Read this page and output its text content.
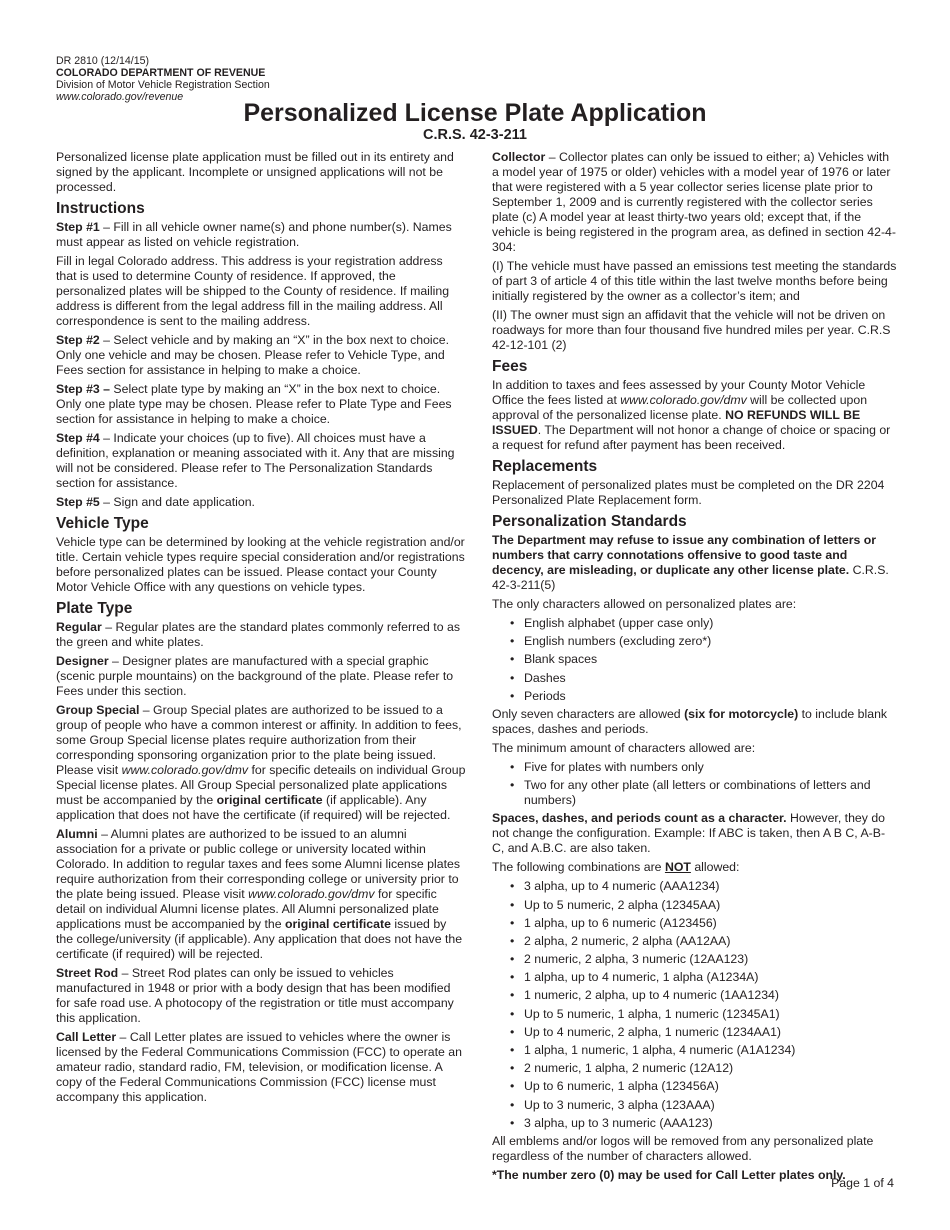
DR 2810 (12/14/15)
COLORADO DEPARTMENT OF REVENUE
Division of Motor Vehicle Registration Section
www.colorado.gov/revenue
Personalized License Plate Application
C.R.S. 42-3-211

Personalized license plate application must be filled out in its entirety and signed by the applicant. Incomplete or unsigned applications will not be processed.

Instructions

Step #1 – Fill in all vehicle owner name(s) and phone number(s). Names must appear as listed on vehicle registration.

Fill in legal Colorado address. This address is your registration address that is used to determine County of residence. If approved, the personalized plates will be shipped to the County of residence. If mailing address is different from the legal address fill in the mailing address. All correspondence is sent to the mailing address.

Step #2 – Select vehicle and by making an “X” in the box next to choice. Only one vehicle and may be chosen. Please refer to Vehicle Type, and Fees section for assistance in helping to make a choice.

Step #3 – Select plate type by making an “X” in the box next to choice. Only one plate type may be chosen. Please refer to Plate Type and Fees section for assistance in helping to make a choice.

Step #4 – Indicate your choices (up to five). All choices must have a definition, explanation or meaning associated with it. Any that are missing will not be considered. Please refer to The Personalization Standards section for assistance.

Step #5 – Sign and date application.

Vehicle Type

Vehicle type can be determined by looking at the vehicle registration and/or title. Certain vehicle types require special consideration and/or registrations before personalized plates can be issued. Please contact your County Motor Vehicle Office with any questions on vehicle types.

Plate Type

Regular – Regular plates are the standard plates commonly referred to as the green and white plates.

Designer – Designer plates are manufactured with a special graphic (scenic purple mountains) on the background of the plate. Please refer to Fees under this section.

Group Special – Group Special plates are authorized to be issued to a group of people who have a common interest or affinity. In addition to fees, some Group Special license plates require authorization from their corresponding sponsoring organization prior to the plate being issued. Please visit www.colorado.gov/dmv for specific deteails on individual Group Special license plates. All Group Special personalized plate applications must be accompanied by the original certificate (if applicable). Any application that does not have the certificate (if required) will be rejected.

Alumni – Alumni plates are authorized to be issued to an alumni association for a private or public college or university located within Colorado. In addition to regular taxes and fees some Alumni license plates require authorization from their corresponding college or university prior to the plate being issued. Please visit www.colorado.gov/dmv for specific detail on individual Alumni license plates. All Alumni personalized plate applications must be accompanied by the original certificate issued by the college/university (if applicable). Any application that does not have the certificate (if required) will be rejected.

Street Rod – Street Rod plates can only be issued to vehicles manufactured in 1948 or prior with a body design that has been modified for safe road use. A photocopy of the registration or title must accompany this application.

Call Letter – Call Letter plates are issued to vehicles where the owner is licensed by the Federal Communications Commission (FCC) to operate an amateur radio, standard radio, FM, television, or modification license. A copy of the Federal Communications Commission (FCC) license must accompany this application.

Collector – Collector plates can only be issued to either; a) Vehicles with a model year of 1975 or older) vehicles with a model year of 1976 or later that were registered with a 5 year collector series license plate prior to September 1, 2009 and is currently registered with the collector series plate (c) A model year at least thirty-two years old; except that, if the vehicle is being registered in the program area, as defined in section 42-4-304:

(I) The vehicle must have passed an emissions test meeting the standards of part 3 of article 4 of this title within the last twelve months before being initially registered by the owner as a collector’s item; and

(II) The owner must sign an affidavit that the vehicle will not be driven on roadways for more than four thousand five hundred miles per year. C.R.S 42-12-101 (2)

Fees

In addition to taxes and fees assessed by your County Motor Vehicle Office the fees listed at www.colorado.gov/dmv will be collected upon approval of the personalized license plate. NO REFUNDS WILL BE ISSUED. The Department will not honor a change of choice or spacing or a request for refund after payment has been received.

Replacements

Replacement of personalized plates must be completed on the DR 2204 Personalized Plate Replacement form.

Personalization Standards

The Department may refuse to issue any combination of letters or numbers that carry connotations offensive to good taste and decency, are misleading, or duplicate any other license plate. C.R.S. 42-3-211(5)

The only characters allowed on personalized plates are:

• English alphabet (upper case only)
• English numbers (excluding zero*)
• Blank spaces
• Dashes
• Periods

Only seven characters are allowed (six for motorcycle) to include blank spaces, dashes and periods.

The minimum amount of characters allowed are:

• Five for plates with numbers only
• Two for any other plate (all letters or combinations of letters and numbers)

Spaces, dashes, and periods count as a character. However, they do not change the configuration. Example: If ABC is taken, then A B C, A-B-C, and A.B.C. are also taken.

The following combinations are NOT allowed:

• 3 alpha, up to 4 numeric (AAA1234)
• Up to 5 numeric, 2 alpha (12345AA)
• 1 alpha, up to 6 numeric (A123456)
• 2 alpha, 2 numeric, 2 alpha (AA12AA)
• 2 numeric, 2 alpha, 3 numeric (12AA123)
• 1 alpha, up to 4 numeric, 1 alpha (A1234A)
• 1 numeric, 2 alpha, up to 4 numeric (1AA1234)
• Up to 5 numeric, 1 alpha, 1 numeric (12345A1)
• Up to 4 numeric, 2 alpha, 1 numeric (1234AA1)
• 1 alpha, 1 numeric, 1 alpha, 4 numeric (A1A1234)
• 2 numeric, 1 alpha, 2 numeric (12A12)
• Up to 6 numeric, 1 alpha (123456A)
• Up to 3 numeric, 3 alpha (123AAA)
• 3 alpha, up to 3 numeric (AAA123)

All emblems and/or logos will be removed from any personalized plate regardless of the number of characters allowed.

*The number zero (0) may be used for Call Letter plates only.

Page 1 of 4
